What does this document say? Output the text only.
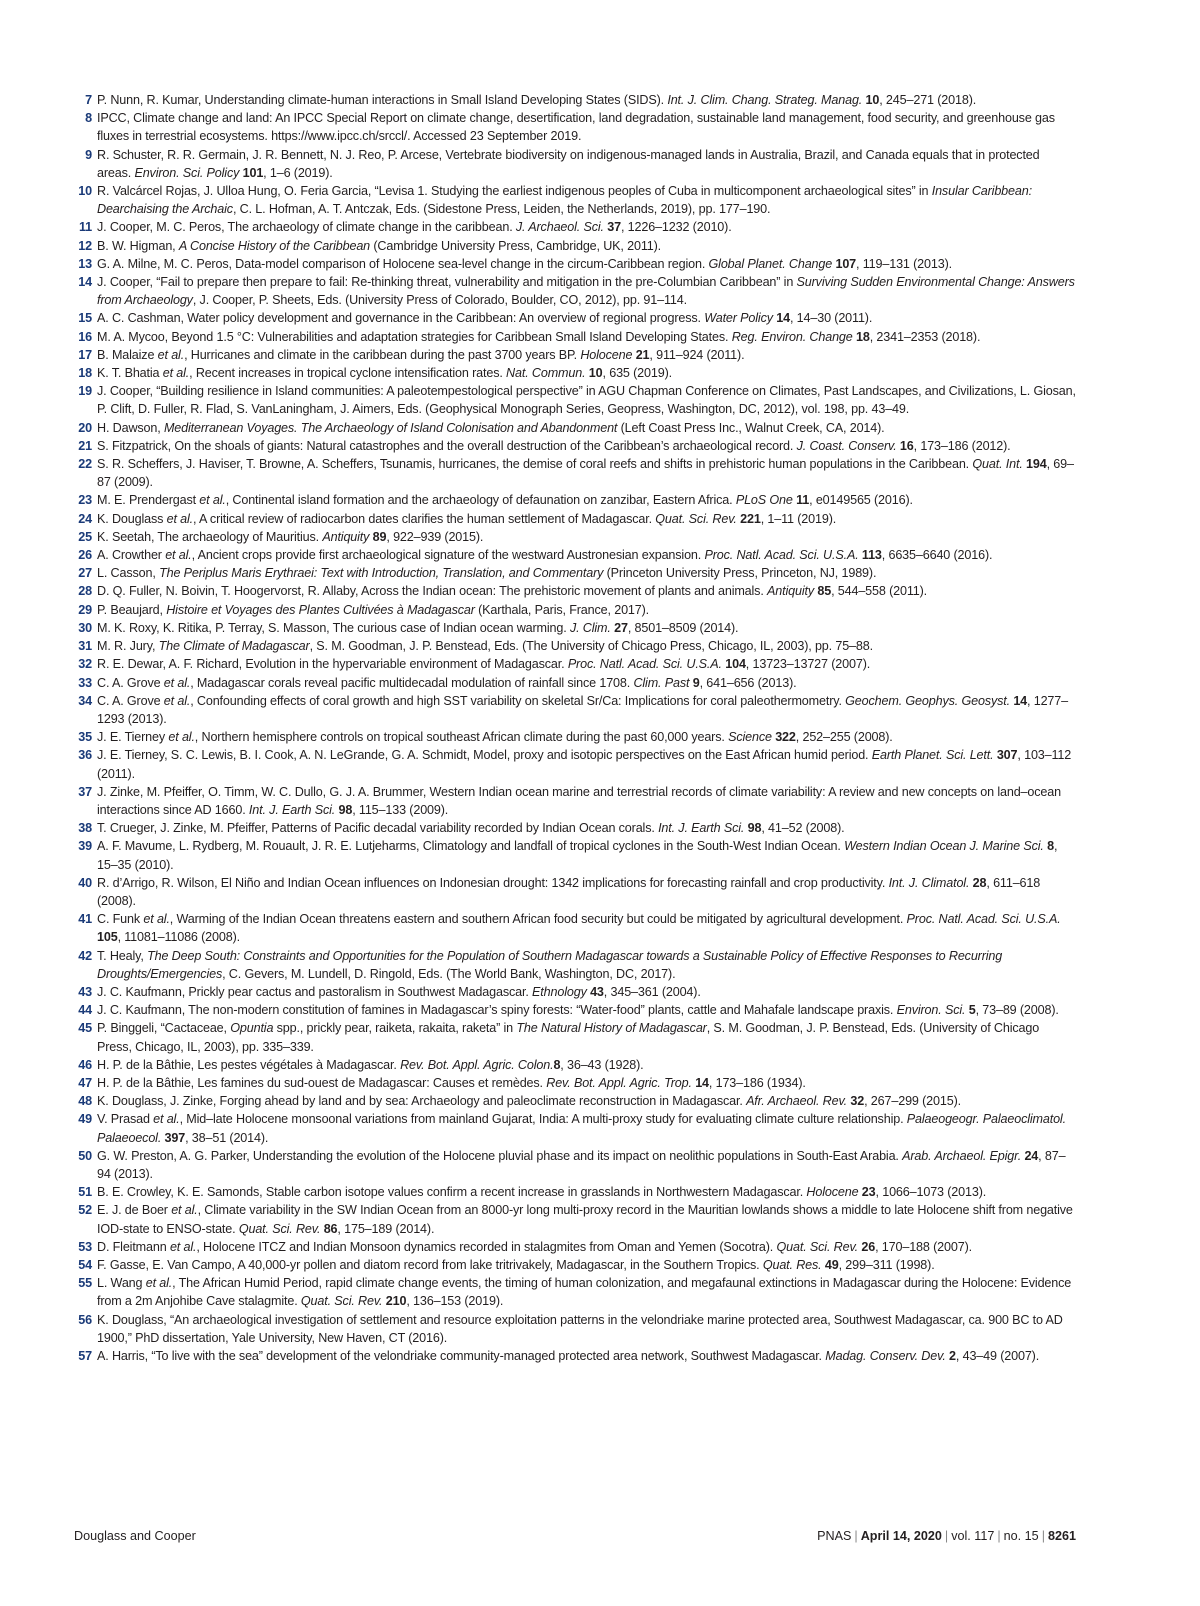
7 P. Nunn, R. Kumar, Understanding climate-human interactions in Small Island Developing States (SIDS). Int. J. Clim. Chang. Strateg. Manag. 10, 245–271 (2018).

8 IPCC, Climate change and land: An IPCC Special Report on climate change, desertification, land degradation, sustainable land management, food security, and greenhouse gas fluxes in terrestrial ecosystems. https://www.ipcc.ch/srccl/. Accessed 23 September 2019.

9 R. Schuster, R. R. Germain, J. R. Bennett, N. J. Reo, P. Arcese, Vertebrate biodiversity on indigenous-managed lands in Australia, Brazil, and Canada equals that in protected areas. Environ. Sci. Policy 101, 1–6 (2019).

10 R. Valcárcel Rojas, J. Ulloa Hung, O. Feria Garcia, “Levisa 1. Studying the earliest indigenous peoples of Cuba in multicomponent archaeological sites” in Insular Caribbean: Dearchaising the Archaic, C. L. Hofman, A. T. Antczak, Eds. (Sidestone Press, Leiden, the Netherlands, 2019), pp. 177–190.

11 J. Cooper, M. C. Peros, The archaeology of climate change in the caribbean. J. Archaeol. Sci. 37, 1226–1232 (2010).

12 B. W. Higman, A Concise History of the Caribbean (Cambridge University Press, Cambridge, UK, 2011).

13 G. A. Milne, M. C. Peros, Data-model comparison of Holocene sea-level change in the circum-Caribbean region. Global Planet. Change 107, 119–131 (2013).

14 J. Cooper, “Fail to prepare then prepare to fail: Re-thinking threat, vulnerability and mitigation in the pre-Columbian Caribbean” in Surviving Sudden Environmental Change: Answers from Archaeology, J. Cooper, P. Sheets, Eds. (University Press of Colorado, Boulder, CO, 2012), pp. 91–114.

15 A. C. Cashman, Water policy development and governance in the Caribbean: An overview of regional progress. Water Policy 14, 14–30 (2011).

16 M. A. Mycoo, Beyond 1.5 °C: Vulnerabilities and adaptation strategies for Caribbean Small Island Developing States. Reg. Environ. Change 18, 2341–2353 (2018).

17 B. Malaize et al., Hurricanes and climate in the caribbean during the past 3700 years BP. Holocene 21, 911–924 (2011).

18 K. T. Bhatia et al., Recent increases in tropical cyclone intensification rates. Nat. Commun. 10, 635 (2019).

19 J. Cooper, “Building resilience in Island communities: A paleotempestological perspective” in AGU Chapman Conference on Climates, Past Landscapes, and Civilizations, L. Giosan, P. Clift, D. Fuller, R. Flad, S. VanLaningham, J. Aimers, Eds. (Geophysical Monograph Series, Geopress, Washington, DC, 2012), vol. 198, pp. 43–49.

20 H. Dawson, Mediterranean Voyages. The Archaeology of Island Colonisation and Abandonment (Left Coast Press Inc., Walnut Creek, CA, 2014).

21 S. Fitzpatrick, On the shoals of giants: Natural catastrophes and the overall destruction of the Caribbean’s archaeological record. J. Coast. Conserv. 16, 173–186 (2012).

22 S. R. Scheffers, J. Haviser, T. Browne, A. Scheffers, Tsunamis, hurricanes, the demise of coral reefs and shifts in prehistoric human populations in the Caribbean. Quat. Int. 194, 69–87 (2009).

23 M. E. Prendergast et al., Continental island formation and the archaeology of defaunation on zanzibar, Eastern Africa. PLoS One 11, e0149565 (2016).

24 K. Douglass et al., A critical review of radiocarbon dates clarifies the human settlement of Madagascar. Quat. Sci. Rev. 221, 1–11 (2019).

25 K. Seetah, The archaeology of Mauritius. Antiquity 89, 922–939 (2015).

26 A. Crowther et al., Ancient crops provide first archaeological signature of the westward Austronesian expansion. Proc. Natl. Acad. Sci. U.S.A. 113, 6635–6640 (2016).

27 L. Casson, The Periplus Maris Erythraei: Text with Introduction, Translation, and Commentary (Princeton University Press, Princeton, NJ, 1989).

28 D. Q. Fuller, N. Boivin, T. Hoogervorst, R. Allaby, Across the Indian ocean: The prehistoric movement of plants and animals. Antiquity 85, 544–558 (2011).

29 P. Beaujard, Histoire et Voyages des Plantes Cultivées à Madagascar (Karthala, Paris, France, 2017).

30 M. K. Roxy, K. Ritika, P. Terray, S. Masson, The curious case of Indian ocean warming. J. Clim. 27, 8501–8509 (2014).

31 M. R. Jury, The Climate of Madagascar, S. M. Goodman, J. P. Benstead, Eds. (The University of Chicago Press, Chicago, IL, 2003), pp. 75–88.

32 R. E. Dewar, A. F. Richard, Evolution in the hypervariable environment of Madagascar. Proc. Natl. Acad. Sci. U.S.A. 104, 13723–13727 (2007).

33 C. A. Grove et al., Madagascar corals reveal pacific multidecadal modulation of rainfall since 1708. Clim. Past 9, 641–656 (2013).

34 C. A. Grove et al., Confounding effects of coral growth and high SST variability on skeletal Sr/Ca: Implications for coral paleothermometry. Geochem. Geophys. Geosyst. 14, 1277–1293 (2013).

35 J. E. Tierney et al., Northern hemisphere controls on tropical southeast African climate during the past 60,000 years. Science 322, 252–255 (2008).

36 J. E. Tierney, S. C. Lewis, B. I. Cook, A. N. LeGrande, G. A. Schmidt, Model, proxy and isotopic perspectives on the East African humid period. Earth Planet. Sci. Lett. 307, 103–112 (2011).

37 J. Zinke, M. Pfeiffer, O. Timm, W. C. Dullo, G. J. A. Brummer, Western Indian ocean marine and terrestrial records of climate variability: A review and new concepts on land–ocean interactions since AD 1660. Int. J. Earth Sci. 98, 115–133 (2009).

38 T. Crueger, J. Zinke, M. Pfeiffer, Patterns of Pacific decadal variability recorded by Indian Ocean corals. Int. J. Earth Sci. 98, 41–52 (2008).

39 A. F. Mavume, L. Rydberg, M. Rouault, J. R. E. Lutjeharms, Climatology and landfall of tropical cyclones in the South-West Indian Ocean. Western Indian Ocean J. Marine Sci. 8, 15–35 (2010).

40 R. d’Arrigo, R. Wilson, El Niño and Indian Ocean influences on Indonesian drought: 1342 implications for forecasting rainfall and crop productivity. Int. J. Climatol. 28, 611–618 (2008).

41 C. Funk et al., Warming of the Indian Ocean threatens eastern and southern African food security but could be mitigated by agricultural development. Proc. Natl. Acad. Sci. U.S.A. 105, 11081–11086 (2008).

42 T. Healy, The Deep South: Constraints and Opportunities for the Population of Southern Madagascar towards a Sustainable Policy of Effective Responses to Recurring Droughts/Emergencies, C. Gevers, M. Lundell, D. Ringold, Eds. (The World Bank, Washington, DC, 2017).

43 J. C. Kaufmann, Prickly pear cactus and pastoralism in Southwest Madagascar. Ethnology 43, 345–361 (2004).

44 J. C. Kaufmann, The non-modern constitution of famines in Madagascar’s spiny forests: “Water-food” plants, cattle and Mahafale landscape praxis. Environ. Sci. 5, 73–89 (2008).

45 P. Binggeli, “Cactaceae, Opuntia spp., prickly pear, raiketa, rakaita, raketa” in The Natural History of Madagascar, S. M. Goodman, J. P. Benstead, Eds. (University of Chicago Press, Chicago, IL, 2003), pp. 335–339.

46 H. P. de la Bâthie, Les pestes végétales à Madagascar. Rev. Bot. Appl. Agric. Colon.8, 36–43 (1928).

47 H. P. de la Bâthie, Les famines du sud-ouest de Madagascar: Causes et remèdes. Rev. Bot. Appl. Agric. Trop. 14, 173–186 (1934).

48 K. Douglass, J. Zinke, Forging ahead by land and by sea: Archaeology and paleoclimate reconstruction in Madagascar. Afr. Archaeol. Rev. 32, 267–299 (2015).

49 V. Prasad et al., Mid–late Holocene monsoonal variations from mainland Gujarat, India: A multi-proxy study for evaluating climate culture relationship. Palaeogeogr. Palaeoclimatol. Palaeoecol. 397, 38–51 (2014).

50 G. W. Preston, A. G. Parker, Understanding the evolution of the Holocene pluvial phase and its impact on neolithic populations in South-East Arabia. Arab. Archaeol. Epigr. 24, 87–94 (2013).

51 B. E. Crowley, K. E. Samonds, Stable carbon isotope values confirm a recent increase in grasslands in Northwestern Madagascar. Holocene 23, 1066–1073 (2013).

52 E. J. de Boer et al., Climate variability in the SW Indian Ocean from an 8000-yr long multi-proxy record in the Mauritian lowlands shows a middle to late Holocene shift from negative IOD-state to ENSO-state. Quat. Sci. Rev. 86, 175–189 (2014).

53 D. Fleitmann et al., Holocene ITCZ and Indian Monsoon dynamics recorded in stalagmites from Oman and Yemen (Socotra). Quat. Sci. Rev. 26, 170–188 (2007).

54 F. Gasse, E. Van Campo, A 40,000-yr pollen and diatom record from lake tritrivakely, Madagascar, in the Southern Tropics. Quat. Res. 49, 299–311 (1998).

55 L. Wang et al., The African Humid Period, rapid climate change events, the timing of human colonization, and megafaunal extinctions in Madagascar during the Holocene: Evidence from a 2m Anjohibe Cave stalagmite. Quat. Sci. Rev. 210, 136–153 (2019).

56 K. Douglass, “An archaeological investigation of settlement and resource exploitation patterns in the velondriake marine protected area, Southwest Madagascar, ca. 900 BC to AD 1900,” PhD dissertation, Yale University, New Haven, CT (2016).

57 A. Harris, “To live with the sea” development of the velondriake community-managed protected area network, Southwest Madagascar. Madag. Conserv. Dev. 2, 43–49 (2007).

Douglass and Cooper	PNAS | April 14, 2020 | vol. 117 | no. 15 | 8261
